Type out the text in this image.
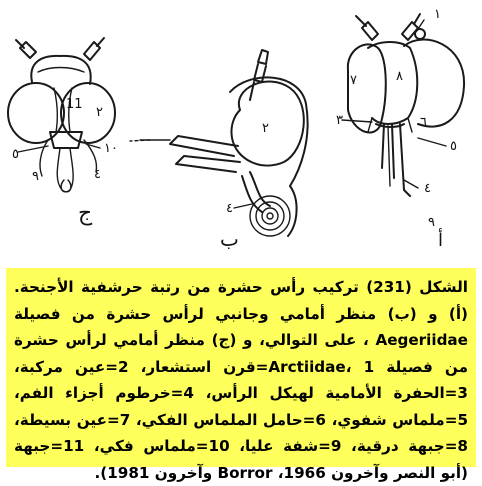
11
٢
١٠
٥
٩	٤
ج
٢
٤
ب
٨
٧
١
٦
٣
٥
٤
٩
أ
الشكل (231) تركيب رأس حشرة من رتبة حرشفية الأجنحة. (أ) و (ب) منظر أمامي وجانبي لرأس حشرة من فصيلة Aegeriidae ، على التوالي، و (ج) منظر أمامي لرأس حشرة من فصيلة Arctiidae، 1=قرن استشعار، 2=عين مركبة، 3=الحفرة الأمامية لهيكل الرأس، 4=خرطوم أجزاء الفم، 5=ملماس شفوي، 6=حامل الملماس الفكي، 7=عين بسيطة، 8=جبهة درقية، 9=شفة عليا، 10=ملماس فكي، 11=جبهة (أبو النصر وآخرون 1966، Borror وآخرون 1981).
